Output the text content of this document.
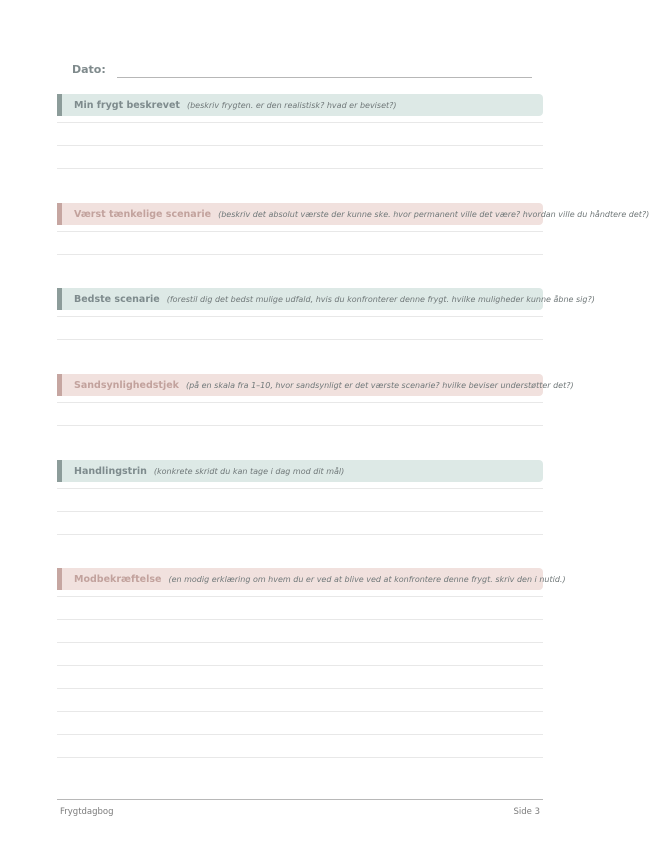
Dato:
Min frygt beskrevet (beskriv frygten. er den realistisk? hvad er beviset?)
Værst tænkelige scenarie (beskriv det absolut værste der kunne ske. hvor permanent ville det være? hvordan ville du håndtere det?)
Bedste scenarie (forestil dig det bedst mulige udfald, hvis du konfronterer denne frygt. hvilke muligheder kunne åbne sig?)
Sandsynlighedstjek (på en skala fra 1–10, hvor sandsynligt er det værste scenarie? hvilke beviser understøtter det?)
Handlingstrin (konkrete skridt du kan tage i dag mod dit mål)
Modbekræftelse (en modig erklæring om hvem du er ved at blive ved at konfrontere denne frygt. skriv den i nutid.)
Frygtdagbog	Side 3
